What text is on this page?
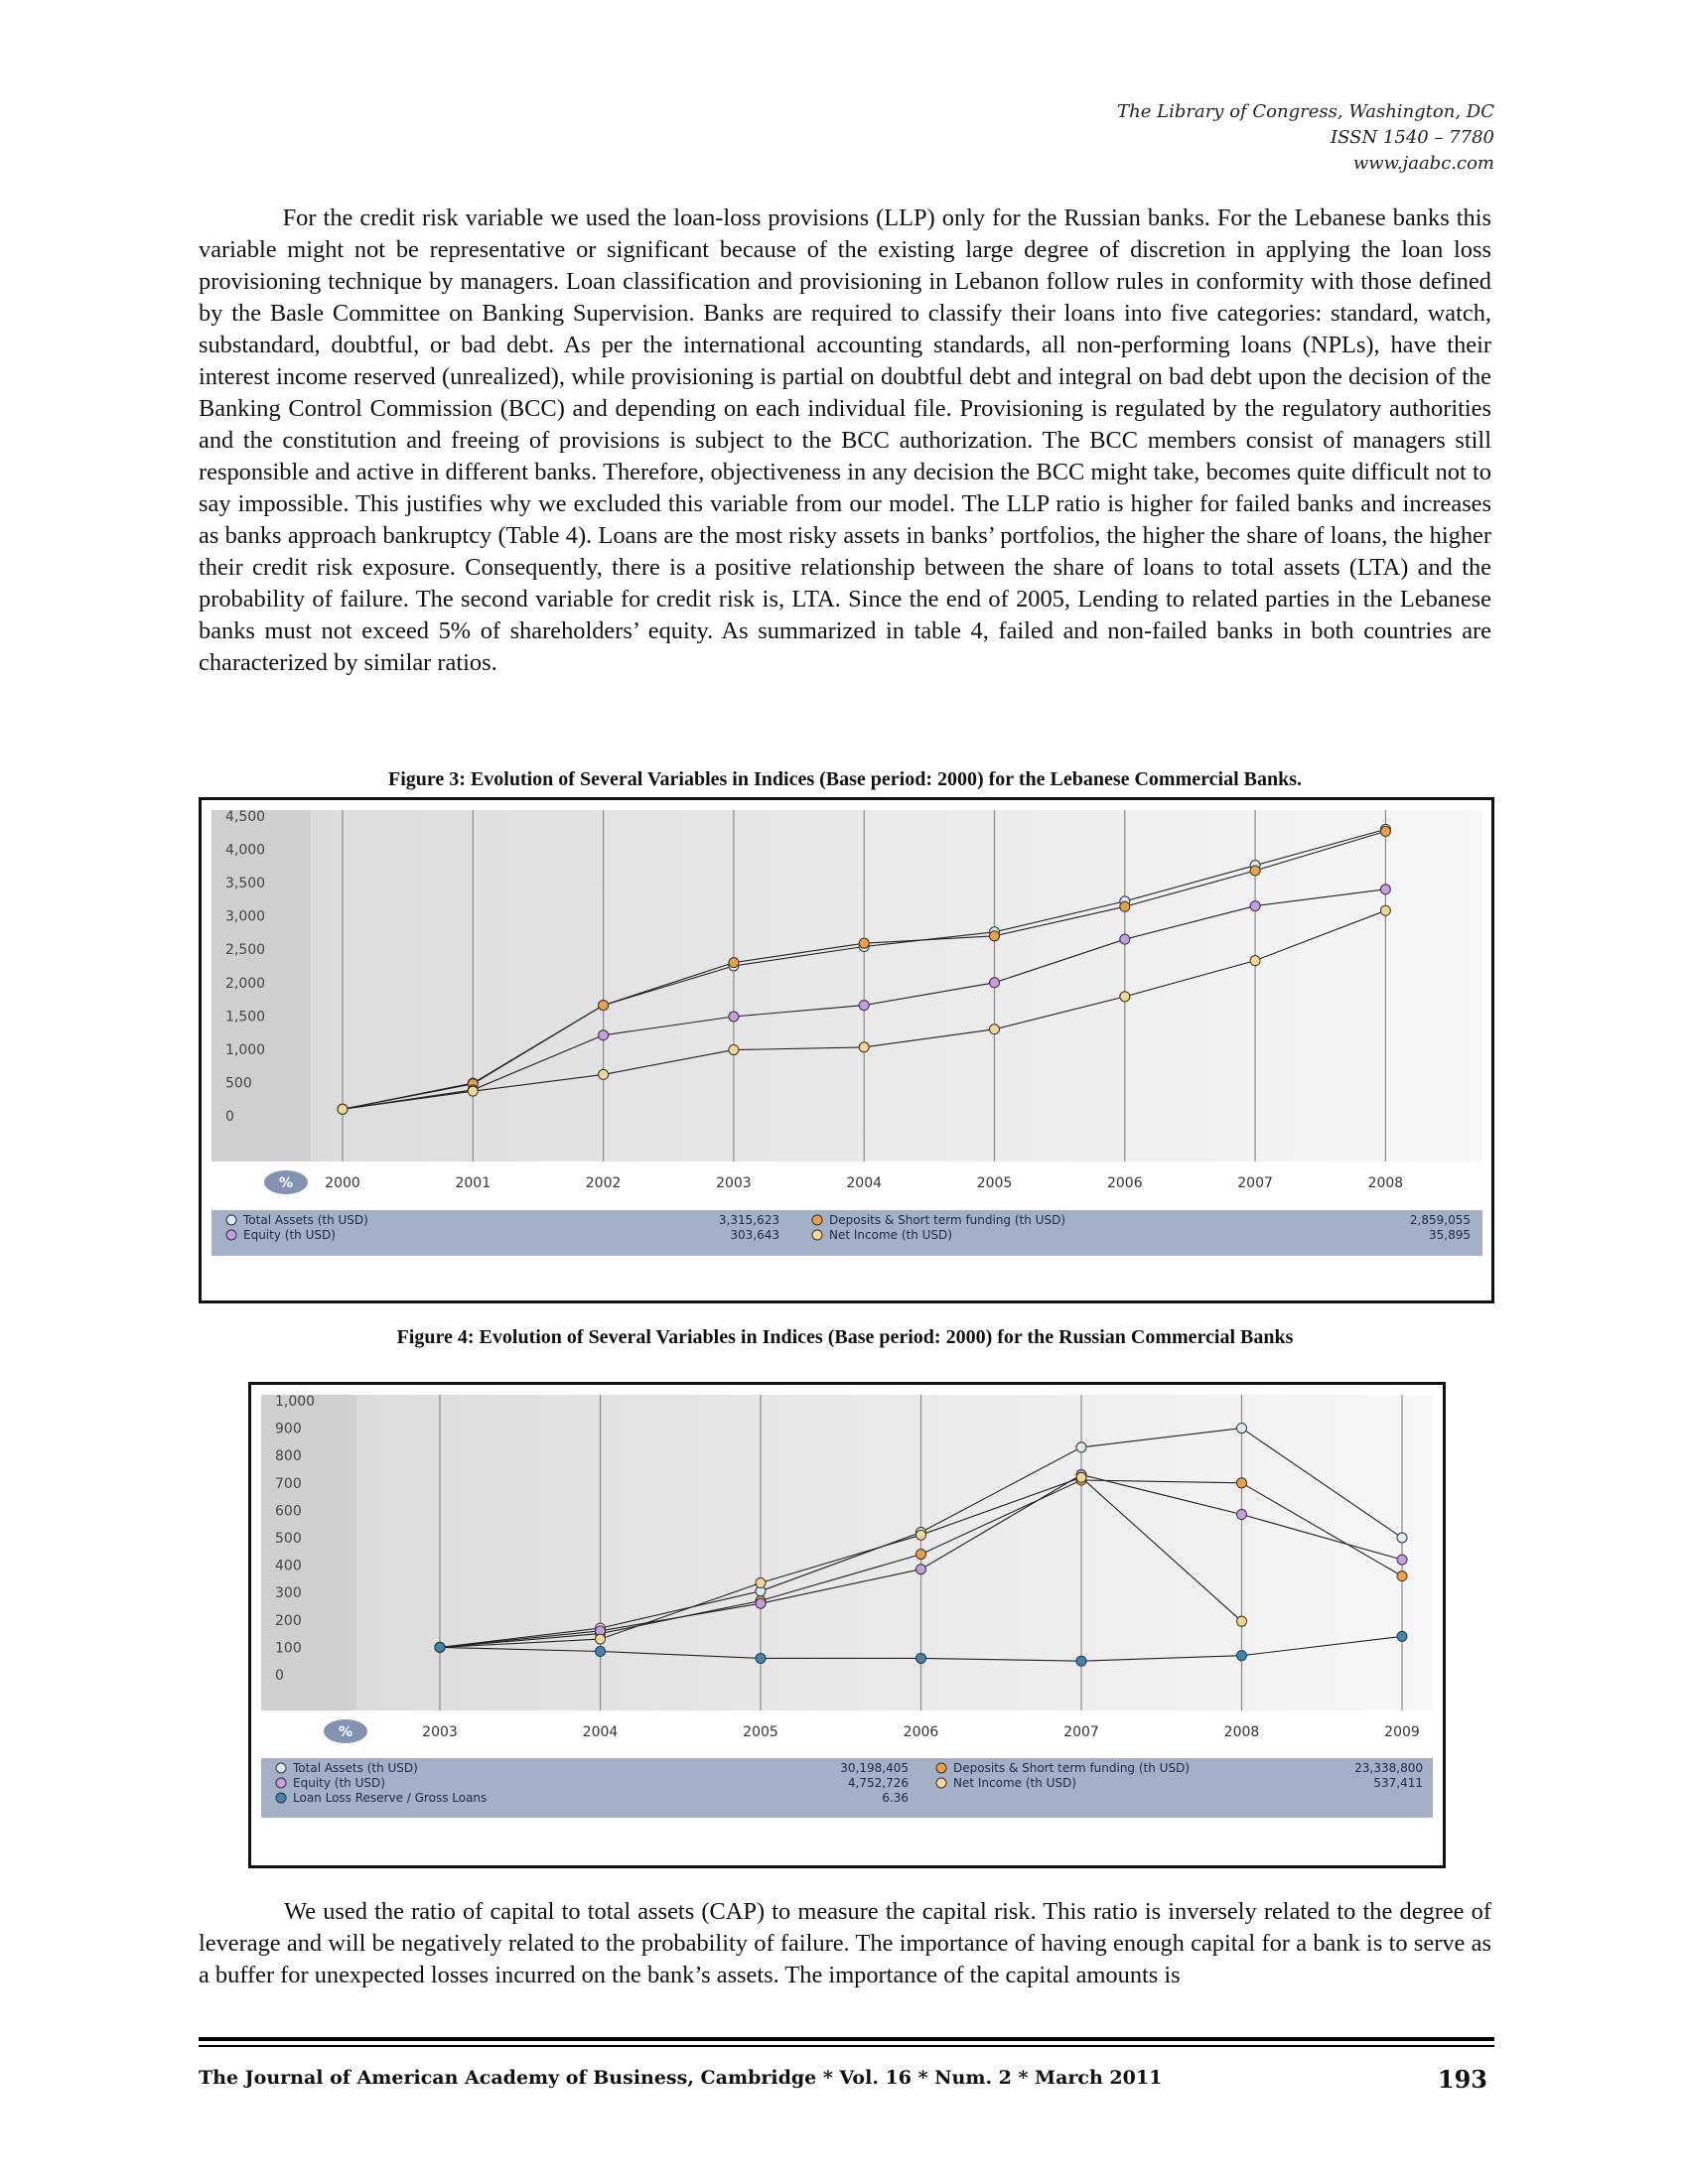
The Library of Congress, Washington, DC
ISSN 1540 – 7780
www.jaabc.com

For the credit risk variable we used the loan-loss provisions (LLP) only for the Russian banks. For the Lebanese banks this variable might not be representative or significant because of the existing large degree of discretion in applying the loan loss provisioning technique by managers. Loan classification and provisioning in Lebanon follow rules in conformity with those defined by the Basle Committee on Banking Supervision. Banks are required to classify their loans into five categories: standard, watch, substandard, doubtful, or bad debt. As per the international accounting standards, all non-performing loans (NPLs), have their interest income reserved (unrealized), while provisioning is partial on doubtful debt and integral on bad debt upon the decision of the Banking Control Commission (BCC) and depending on each individual file. Provisioning is regulated by the regulatory authorities and the constitution and freeing of provisions is subject to the BCC authorization. The BCC members consist of managers still responsible and active in different banks. Therefore, objectiveness in any decision the BCC might take, becomes quite difficult not to say impossible. This justifies why we excluded this variable from our model. The LLP ratio is higher for failed banks and increases as banks approach bankruptcy (Table 4). Loans are the most risky assets in banks’ portfolios, the higher the share of loans, the higher their credit risk exposure. Consequently, there is a positive relationship between the share of loans to total assets (LTA) and the probability of failure. The second variable for credit risk is, LTA. Since the end of 2005, Lending to related parties in the Lebanese banks must not exceed 5% of shareholders’ equity. As summarized in table 4, failed and non-failed banks in both countries are characterized by similar ratios.

Figure 3: Evolution of Several Variables in Indices (Base period: 2000) for the Lebanese Commercial Banks.
0
500
1,000
1,500
2,000
2,500
3,000
3,500
4,000
4,500
2000	2001	2002	2003	2004	2005	2006	2007	2008
%
Total Assets (th USD)	3,315,623
Equity (th USD)	303,643
Deposits & Short term funding (th USD)	2,859,055
Net Income (th USD)	35,895
Figure 4: Evolution of Several Variables in Indices (Base period: 2000) for the Russian Commercial Banks
0
100
200
300
400
500
600
700
800
900
1,000
2003	2004	2005	2006	2007	2008	2009
%
Total Assets (th USD)	30,198,405
Equity (th USD)	4,752,726
Loan Loss Reserve / Gross Loans	6.36
Deposits & Short term funding (th USD)	23,338,800
Net Income (th USD)	537,411

We used the ratio of capital to total assets (CAP) to measure the capital risk. This ratio is inversely related to the degree of leverage and will be negatively related to the probability of failure. The importance of having enough capital for a bank is to serve as a buffer for unexpected losses incurred on the bank’s assets. The importance of the capital amounts is

The Journal of American Academy of Business, Cambridge * Vol. 16 * Num. 2 * March 2011	193
